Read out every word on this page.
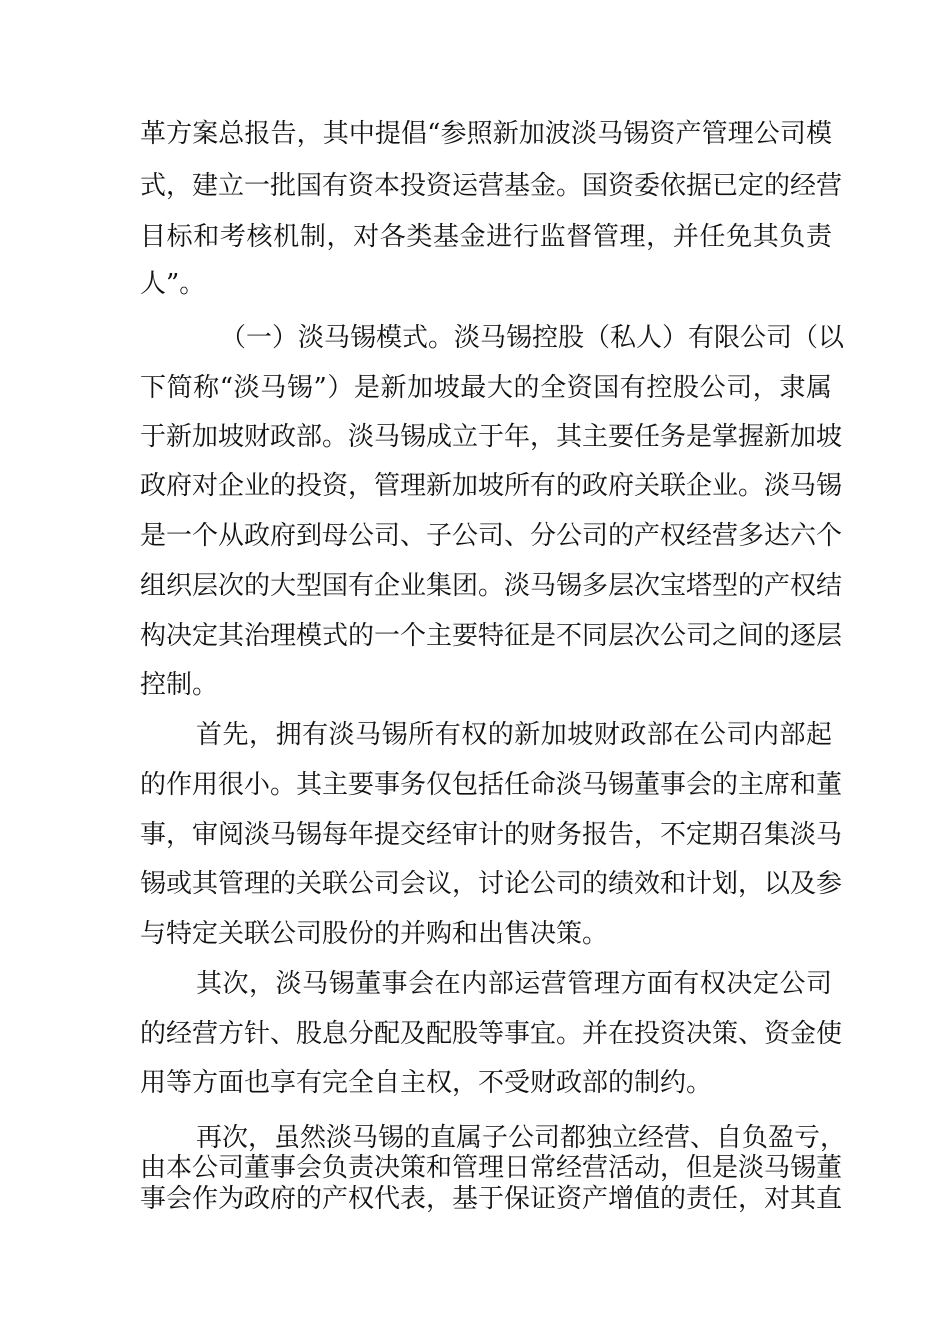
革方案总报告，其中提倡“参照新加波淡马锡资产管理公司模
式，建立一批国有资本投资运营基金。国资委依据已定的经营
目标和考核机制，对各类基金进行监督管理，并任免其负责
人”。
（一）淡马锡模式。淡马锡控股（私人）有限公司（以
下简称“淡马锡”）是新加坡最大的全资国有控股公司，隶属
于新加坡财政部。淡马锡成立于年，其主要任务是掌握新加坡
政府对企业的投资，管理新加坡所有的政府关联企业。淡马锡
是一个从政府到母公司、子公司、分公司的产权经营多达六个
组织层次的大型国有企业集团。淡马锡多层次宝塔型的产权结
构决定其治理模式的一个主要特征是不同层次公司之间的逐层
控制。
首先，拥有淡马锡所有权的新加坡财政部在公司内部起
的作用很小。其主要事务仅包括任命淡马锡董事会的主席和董
事，审阅淡马锡每年提交经审计的财务报告，不定期召集淡马
锡或其管理的关联公司会议，讨论公司的绩效和计划，以及参
与特定关联公司股份的并购和出售决策。
其次，淡马锡董事会在内部运营管理方面有权决定公司
的经营方针、股息分配及配股等事宜。并在投资决策、资金使
用等方面也享有完全自主权，不受财政部的制约。
再次，虽然淡马锡的直属子公司都独立经营、自负盈亏，
由本公司董事会负责决策和管理日常经营活动，但是淡马锡董
事会作为政府的产权代表，基于保证资产增值的责任，对其直
